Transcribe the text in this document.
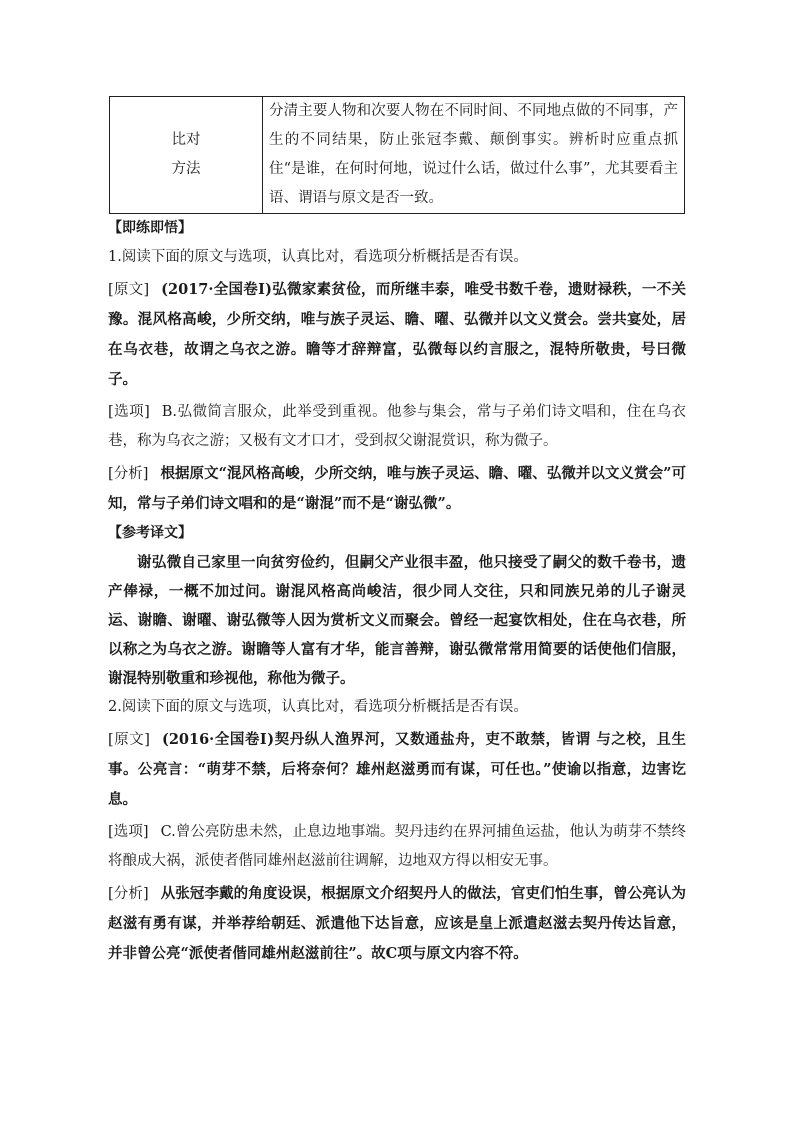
比对
方法
	分清主要人物和次要人物在不同时间、不同地点做的不同事，产生的不同结果，防止张冠李戴、颠倒事实。辨析时应重点抓住“是谁，在何时何地，说过什么话，做过什么事”，尤其要看主语、谓语与原文是否一致。
【即练即悟】

1.阅读下面的原文与选项，认真比对，看选项分析概括是否有误。

[原文] (2017·全国卷Ⅰ)弘微家素贫俭，而所继丰泰，唯受书数千卷，遗财禄秩，一不关豫。混风格高峻，少所交纳，唯与族子灵运、瞻、曜、弘微并以文义赏会。尝共宴处，居在乌衣巷，故谓之乌衣之游。瞻等才辞辩富，弘微每以约言服之，混特所敬贵，号曰微子。

[选项] B.弘微简言服众，此举受到重视。他参与集会，常与子弟们诗文唱和，住在乌衣巷，称为乌衣之游；又极有文才口才，受到叔父谢混赏识，称为微子。

[分析] 根据原文“混风格高峻，少所交纳，唯与族子灵运、瞻、曜、弘微并以文义赏会”可知，常与子弟们诗文唱和的是“谢混”而不是“谢弘微”。

【参考译文】

谢弘微自己家里一向贫穷俭约，但嗣父产业很丰盈，他只接受了嗣父的数千卷书，遗产俸禄，一概不加过问。谢混风格高尚峻洁，很少同人交往，只和同族兄弟的儿子谢灵运、谢瞻、谢曜、谢弘微等人因为赏析文义而聚会。曾经一起宴饮相处，住在乌衣巷，所以称之为乌衣之游。谢瞻等人富有才华，能言善辩，谢弘微常常用简要的话使他们信服，谢混特别敬重和珍视他，称他为微子。

2.阅读下面的原文与选项，认真比对，看选项分析概括是否有误。

[原文] (2016·全国卷Ⅰ)契丹纵人渔界河，又数通盐舟，吏不敢禁，皆谓 与之校，且生事。公亮言：“萌芽不禁，后将奈何？雄州赵滋勇而有谋，可任也。”使谕以指意，边害讫息。

[选项] C.曾公亮防患未然，止息边地事端。契丹违约在界河捕鱼运盐，他认为萌芽不禁终将酿成大祸，派使者偕同雄州赵滋前往调解，边地双方得以相安无事。

[分析] 从张冠李戴的角度设误，根据原文介绍契丹人的做法，官吏们怕生事，曾公亮认为赵滋有勇有谋，并举荐给朝廷、派遣他下达旨意，应该是皇上派遣赵滋去契丹传达旨意，并非曾公亮“派使者偕同雄州赵滋前往”。故C项与原文内容不符。
